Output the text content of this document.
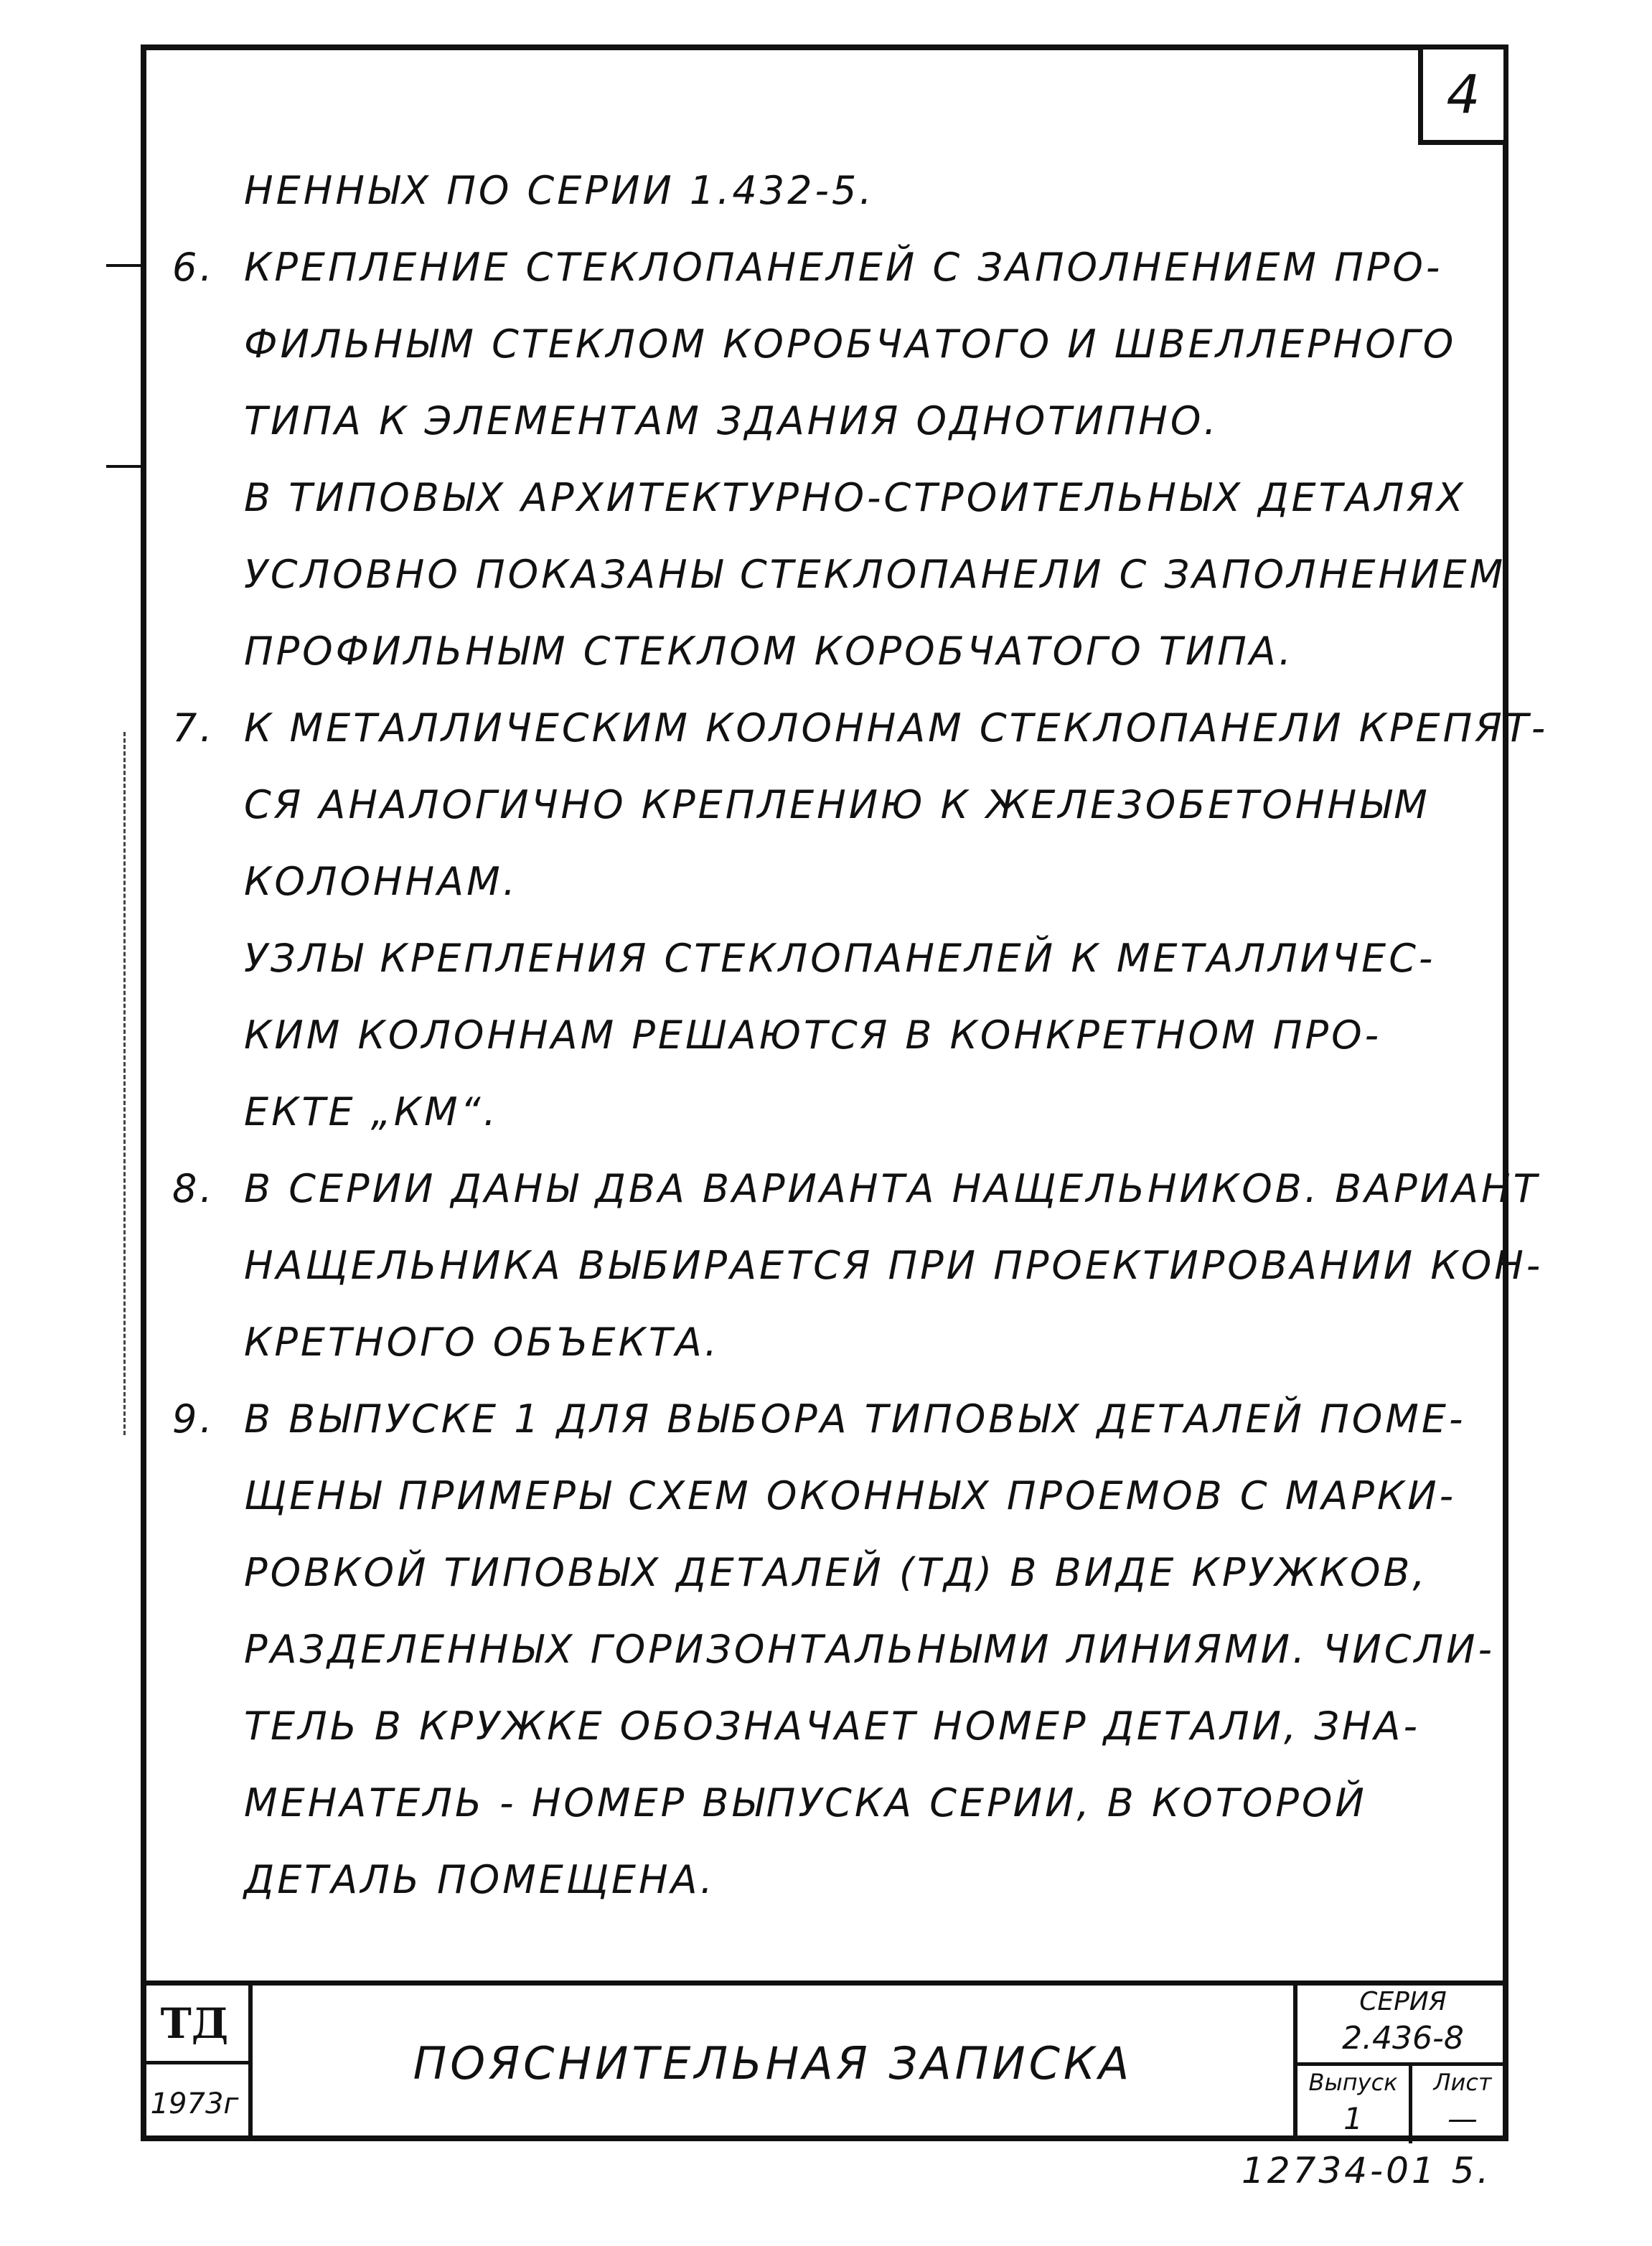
4
НЕННЫХ ПО СЕРИИ 1.432-5.
6. КРЕПЛЕНИЕ СТЕКЛОПАНЕЛЕЙ С ЗАПОЛНЕНИЕМ ПРО-
ФИЛЬНЫМ СТЕКЛОМ КОРОБЧАТОГО И ШВЕЛЛЕРНОГО
ТИПА К ЭЛЕМЕНТАМ ЗДАНИЯ ОДНОТИПНО.
В ТИПОВЫХ АРХИТЕКТУРНО-СТРОИТЕЛЬНЫХ ДЕТАЛЯХ
УСЛОВНО ПОКАЗАНЫ СТЕКЛОПАНЕЛИ С ЗАПОЛНЕНИЕМ
ПРОФИЛЬНЫМ СТЕКЛОМ КОРОБЧАТОГО ТИПА.
7. К МЕТАЛЛИЧЕСКИМ КОЛОННАМ СТЕКЛОПАНЕЛИ КРЕПЯТ-
СЯ АНАЛОГИЧНО КРЕПЛЕНИЮ К ЖЕЛЕЗОБЕТОННЫМ
КОЛОННАМ.
УЗЛЫ КРЕПЛЕНИЯ СТЕКЛОПАНЕЛЕЙ К МЕТАЛЛИЧЕС-
КИМ КОЛОННАМ РЕШАЮТСЯ В КОНКРЕТНОМ ПРО-
ЕКТЕ „КМ“.
8. В СЕРИИ ДАНЫ ДВА ВАРИАНТА НАЩЕЛЬНИКОВ. ВАРИАНТ
НАЩЕЛЬНИКА ВЫБИРАЕТСЯ ПРИ ПРОЕКТИРОВАНИИ КОН-
КРЕТНОГО ОБЪЕКТА.
9. В ВЫПУСКЕ 1 ДЛЯ ВЫБОРА ТИПОВЫХ ДЕТАЛЕЙ ПОМЕ-
ЩЕНЫ ПРИМЕРЫ СХЕМ ОКОННЫХ ПРОЕМОВ С МАРКИ-
РОВКОЙ ТИПОВЫХ ДЕТАЛЕЙ (ТД) В ВИДЕ КРУЖКОВ,
РАЗДЕЛЕННЫХ ГОРИЗОНТАЛЬНЫМИ ЛИНИЯМИ. ЧИСЛИ-
ТЕЛЬ В КРУЖКЕ ОБОЗНАЧАЕТ НОМЕР ДЕТАЛИ, ЗНА-
МЕНАТЕЛЬ - НОМЕР ВЫПУСКА СЕРИИ, В КОТОРОЙ
ДЕТАЛЬ ПОМЕЩЕНА.
ТД
1973г
ПОЯСНИТЕЛЬНАЯ ЗАПИСКА
СЕРИЯ
2.436-8
Выпуск
1
Лист
—
12734-01 5.
